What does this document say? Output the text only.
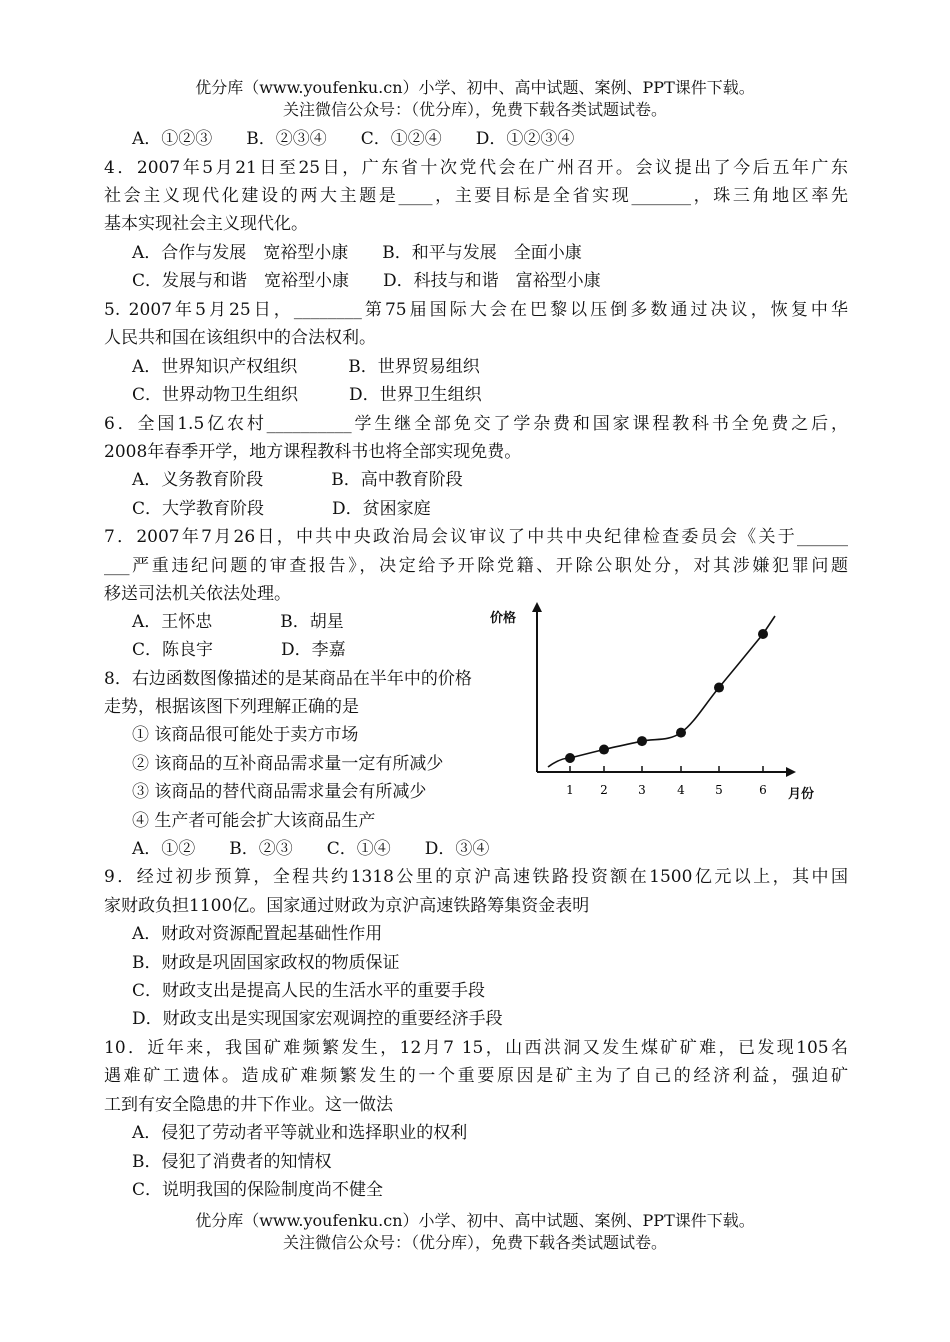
优分库（www.youfenku.cn）小学、初中、高中试题、案例、PPT课件下载。
关注微信公众号：（优分库），免费下载各类试题试卷。
A．①②③　　B．②③④　　C．①②④　　D．①②③④
4．2007年5月21日至25日，广东省十次党代会在广州召开。会议提出了今后五年广东
社会主义现代化建设的两大主题是____，主要目标是全省实现_______，珠三角地区率先
基本实现社会主义现代化。
A．合作与发展　宽裕型小康　　B．和平与发展　全面小康
C．发展与和谐　宽裕型小康　　D．科技与和谐　富裕型小康
5. 2007年5月25日，________第75届国际大会在巴黎以压倒多数通过决议，恢复中华
人民共和国在该组织中的合法权利。
A．世界知识产权组织　　　B．世界贸易组织
C．世界动物卫生组织　　　D．世界卫生组织
6．全国1.5亿农村__________学生继全部免交了学杂费和国家课程教科书全免费之后，
2008年春季开学，地方课程教科书也将全部实现免费。
A．义务教育阶段　　　　B．高中教育阶段
C．大学教育阶段　　　　D．贫困家庭
7．2007年7月26日，中共中央政治局会议审议了中共中央纪律检查委员会《关于______
___严重违纪问题的审查报告》，决定给予开除党籍、开除公职处分，对其涉嫌犯罪问题
移送司法机关依法处理。
A．王怀忠　　　　B．胡星
C．陈良宇　　　　D．李嘉
8．右边函数图像描述的是某商品在半年中的价格
走势，根据该图下列理解正确的是
① 该商品很可能处于卖方市场
② 该商品的互补商品需求量一定有所减少
③ 该商品的替代商品需求量会有所减少
④ 生产者可能会扩大该商品生产
A．①②　　B．②③　　C．①④　　D．③④
价格
月份
1 2	3	4	5	6
9．经过初步预算，全程共约1318公里的京沪高速铁路投资额在1500亿元以上，其中国
家财政负担1100亿。国家通过财政为京沪高速铁路筹集资金表明
A．财政对资源配置起基础性作用
B．财政是巩固国家政权的物质保证
C．财政支出是提高人民的生活水平的重要手段
D．财政支出是实现国家宏观调控的重要经济手段
10．近年来，我国矿难频繁发生，12月7 15，山西洪洞又发生煤矿矿难，已发现105名
遇难矿工遗体。造成矿难频繁发生的一个重要原因是矿主为了自己的经济利益，强迫矿
工到有安全隐患的井下作业。这一做法
A．侵犯了劳动者平等就业和选择职业的权利
B．侵犯了消费者的知情权
C．说明我国的保险制度尚不健全
优分库（www.youfenku.cn）小学、初中、高中试题、案例、PPT课件下载。
关注微信公众号：（优分库），免费下载各类试题试卷。
